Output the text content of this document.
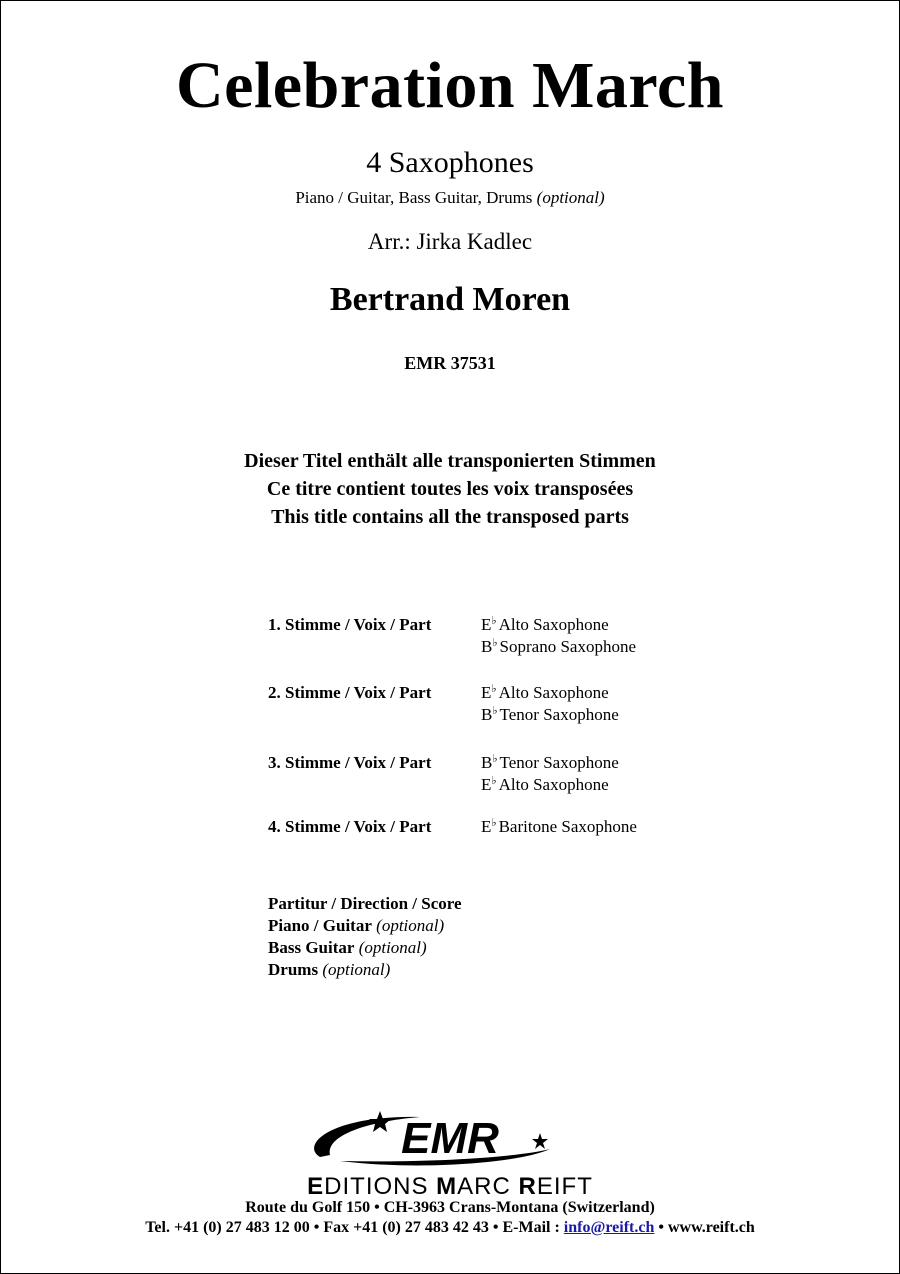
Celebration March
4 Saxophones
Piano / Guitar, Bass Guitar, Drums (optional)
Arr.: Jirka Kadlec
Bertrand Moren
EMR 37531
Dieser Titel enthält alle transponierten Stimmen
Ce titre contient toutes les voix transposées
This title contains all the transposed parts
1. Stimme / Voix / Part	E♭ Alto Saxophone
B♭ Soprano Saxophone
2. Stimme / Voix / Part	E♭ Alto Saxophone
B♭ Tenor Saxophone
3. Stimme / Voix / Part	B♭ Tenor Saxophone
E♭ Alto Saxophone
4. Stimme / Voix / Part	E♭ Baritone Saxophone
Partitur / Direction / Score
Piano / Guitar (optional)
Bass Guitar (optional)
Drums (optional)
EMR
EDITIONS MARC REIFT
Route du Golf 150 • CH-3963 Crans-Montana (Switzerland)
Tel. +41 (0) 27 483 12 00 • Fax +41 (0) 27 483 42 43 • E-Mail : info@reift.ch • www.reift.ch
